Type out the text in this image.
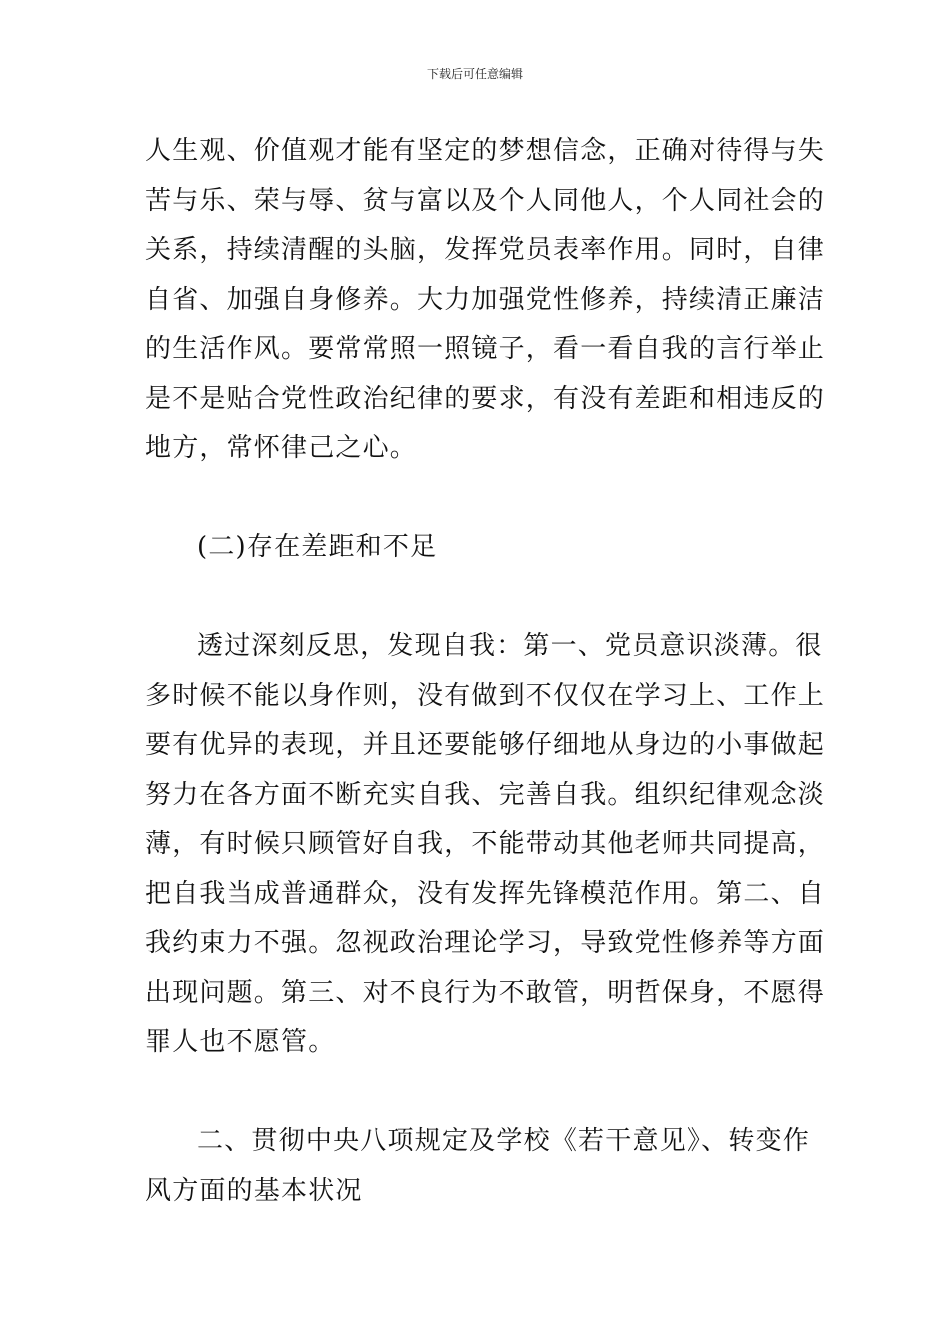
下载后可任意编辑
人生观、价值观才能有坚定的梦想信念，正确对待得与失
苦与乐、荣与辱、贫与富以及个人同他人，个人同社会的
关系，持续清醒的头脑，发挥党员表率作用。同时，自律
自省、加强自身修养。大力加强党性修养，持续清正廉洁
的生活作风。要常常照一照镜子，看一看自我的言行举止
是不是贴合党性政治纪律的要求，有没有差距和相违反的
地方，常怀律己之心。
(二)存在差距和不足
透过深刻反思，发现自我：第一、党员意识淡薄。很
多时候不能以身作则，没有做到不仅仅在学习上、工作上
要有优异的表现，并且还要能够仔细地从身边的小事做起
努力在各方面不断充实自我、完善自我。组织纪律观念淡
薄，有时候只顾管好自我，不能带动其他老师共同提高，
把自我当成普通群众，没有发挥先锋模范作用。第二、自
我约束力不强。忽视政治理论学习，导致党性修养等方面
出现问题。第三、对不良行为不敢管，明哲保身，不愿得
罪人也不愿管。
二、贯彻中央八项规定及学校《若干意见》、转变作
风方面的基本状况
